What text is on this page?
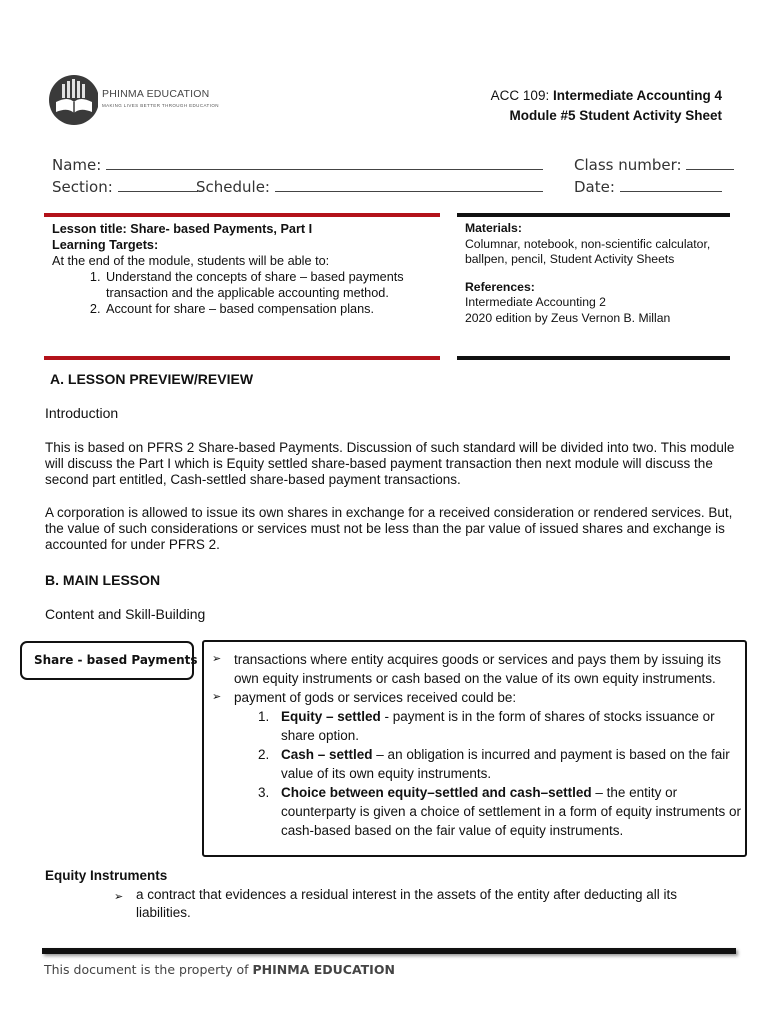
PHINMA EDUCATION
MAKING LIVES BETTER THROUGH EDUCATION
ACC 109: Intermediate Accounting 4
Module #5 Student Activity Sheet
Name:	Class number:
Section:	Schedule:	Date:
Lesson title: Share- based Payments, Part I
Learning Targets:
At the end of the module, students will be able to:
1. Understand the concepts of share – based payments transaction and the applicable accounting method.
2. Account for share – based compensation plans.
Materials:
Columnar, notebook, non-scientific calculator, ballpen, pencil, Student Activity Sheets
References:
Intermediate Accounting 2
2020 edition by Zeus Vernon B. Millan
A. LESSON PREVIEW/REVIEW
Introduction
This is based on PFRS 2 Share-based Payments. Discussion of such standard will be divided into two. This module will discuss the Part I which is Equity settled share-based payment transaction then next module will discuss the second part entitled, Cash-settled share-based payment transactions.
A corporation is allowed to issue its own shares in exchange for a received consideration or rendered services. But, the value of such considerations or services must not be less than the par value of issued shares and exchange is accounted for under PFRS 2.
B. MAIN LESSON
Content and Skill-Building
Share - based Payments ➢ transactions where entity acquires goods or services and pays them by issuing its own equity instruments or cash based on the value of its own equity instruments.
➢ payment of gods or services received could be:
1. Equity – settled - payment is in the form of shares of stocks issuance or share option.
2. Cash – settled – an obligation is incurred and payment is based on the fair value of its own equity instruments.
3. Choice between equity–settled and cash–settled – the entity or counterparty is given a choice of settlement in a form of equity instruments or cash-based based on the fair value of equity instruments.
Equity Instruments
➢ a contract that evidences a residual interest in the assets of the entity after deducting all its liabilities.
This document is the property of PHINMA EDUCATION
